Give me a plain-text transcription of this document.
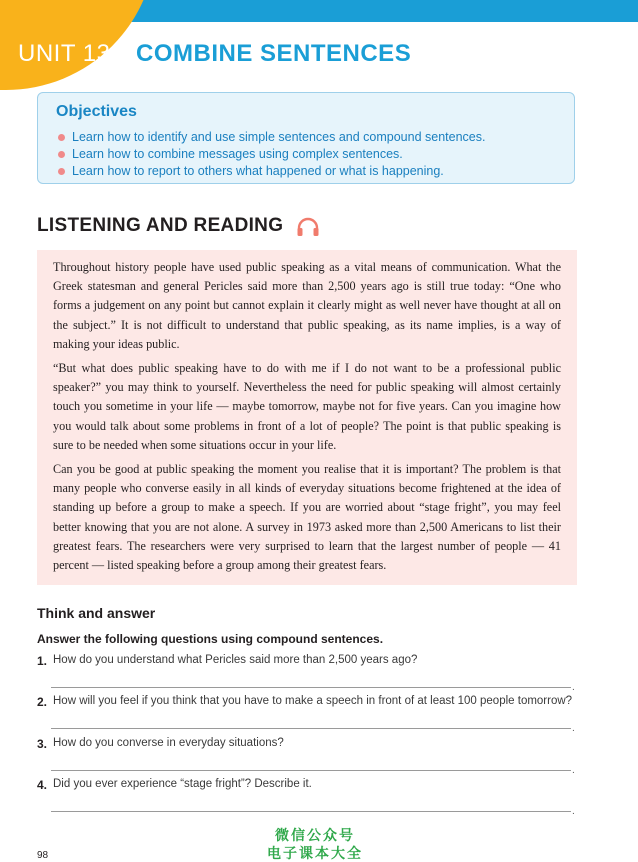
UNIT 13 COMBINE SENTENCES
Objectives
Learn how to identify and use simple sentences and compound sentences.
Learn how to combine messages using complex sentences.
Learn how to report to others what happened or what is happening.
LISTENING AND READING

Throughout history people have used public speaking as a vital means of communication. What the Greek statesman and general Pericles said more than 2,500 years ago is still true today: “One who forms a judgement on any point but cannot explain it clearly might as well never have thought at all on the subject.” It is not difficult to understand that public speaking, as its name implies, is a way of making your ideas public.

“But what does public speaking have to do with me if I do not want to be a professional public speaker?” you may think to yourself. Nevertheless the need for public speaking will almost certainly touch you sometime in your life — maybe tomorrow, maybe not for five years. Can you imagine how you would talk about some problems in front of a lot of people? The point is that public speaking is sure to be needed when some situations occur in your life.

Can you be good at public speaking the moment you realise that it is important? The problem is that many people who converse easily in all kinds of everyday situations become frightened at the idea of standing up before a group to make a speech. If you are worried about “stage fright”, you may feel better knowing that you are not alone. A survey in 1973 asked more than 2,500 Americans to list their greatest fears. The researchers were very surprised to learn that the largest number of people — 41 percent — listed speaking before a group among their greatest fears.

Think and answer
Answer the following questions using compound sentences.
1. How do you understand what Pericles said more than 2,500 years ago?
.
2. How will you feel if you think that you have to make a speech in front of at least 100 people tomorrow?
.
3. How do you converse in everyday situations?
.
4. Did you ever experience “stage fright”? Describe it.
.
微信公众号
电子课本大全
98
